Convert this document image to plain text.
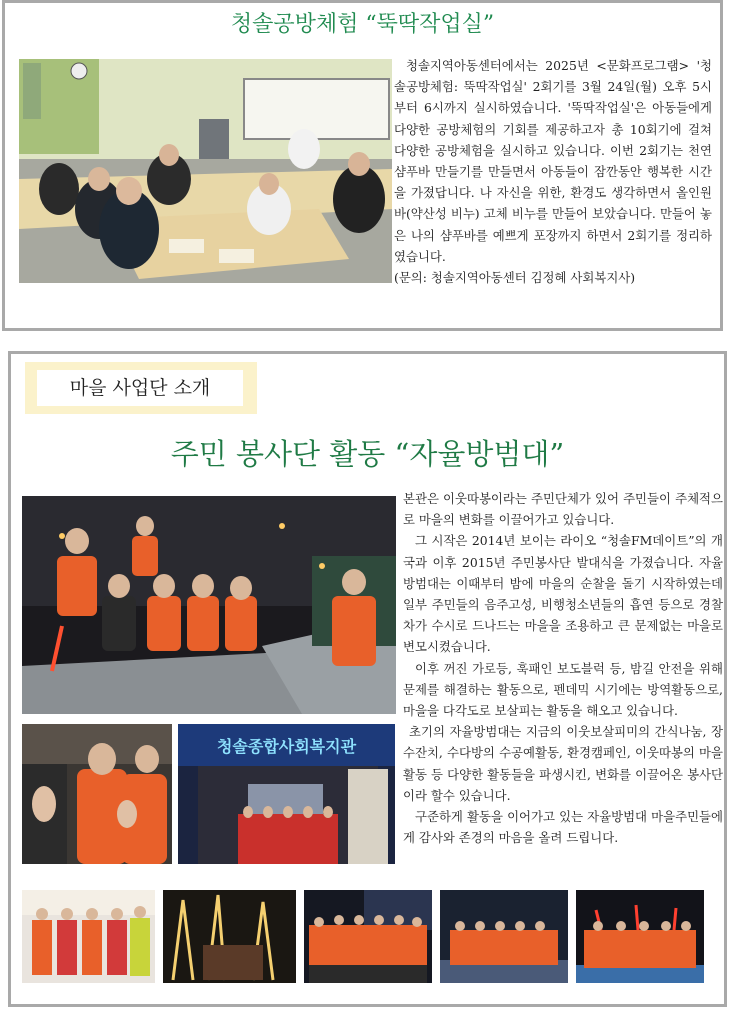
청솔공방체험 “뚝딱작업실”

청솔지역아동센터에서는 2025년 <문화프로그램> '청솔공방체험: 뚝딱작업실' 2회기를 3월 24일(월) 오후 5시부터 6시까지 실시하였습니다. '뚝딱작업실'은 아동들에게 다양한 공방체험의 기회를 제공하고자 총 10회기에 걸쳐 다양한 공방체험을 실시하고 있습니다. 이번 2회기는 천연 샴푸바 만들기를 만들면서 아동들이 잠깐동안 행복한 시간을 가졌답니다. 나 자신을 위한, 환경도 생각하면서 올인원바(약산성 비누) 고체 비누를 만들어 보았습니다. 만들어 놓은 나의 샴푸바를 예쁘게 포장까지 하면서 2회기를 정리하였습니다.

(문의: 청솔지역아동센터 김정혜 사회복지사)

마을 사업단 소개
주민 봉사단 활동 “자율방범대”
청솔종합사회복지관

본관은 이웃따봉이라는 주민단체가 있어 주민들이 주체적으로 마을의 변화를 이끌어가고 있습니다.

그 시작은 2014년 보이는 라이오 “청솔FM데이트”의 개국과 이후 2015년 주민봉사단 발대식을 가졌습니다. 자율방범대는 이때부터 밤에 마을의 순찰을 돌기 시작하였는데 일부 주민들의 음주고성, 비행청소년들의 흡연 등으로 경찰차가 수시로 드나드는 마을을 조용하고 큰 문제없는 마을로 변모시켰습니다.

이후 꺼진 가로등, 훅패인 보도블럭 등, 밤길 안전을 위해 문제를 해결하는 활동으로, 펜데믹 시기에는 방역활동으로, 마을을 다각도로 보살피는 활동을 해오고 있습니다.

초기의 자율방범대는 지금의 이웃보살피미의 간식나눔, 장수잔치, 수다방의 수공예활동, 환경캠페인, 이웃따봉의 마을활동 등 다양한 활동들을 파생시킨, 변화를 이끌어온 봉사단이라 할수 있습니다.

구준하게 활동을 이어가고 있는 자율방범대 마을주민들에게 감사와 존경의 마음을 올려 드립니다.
